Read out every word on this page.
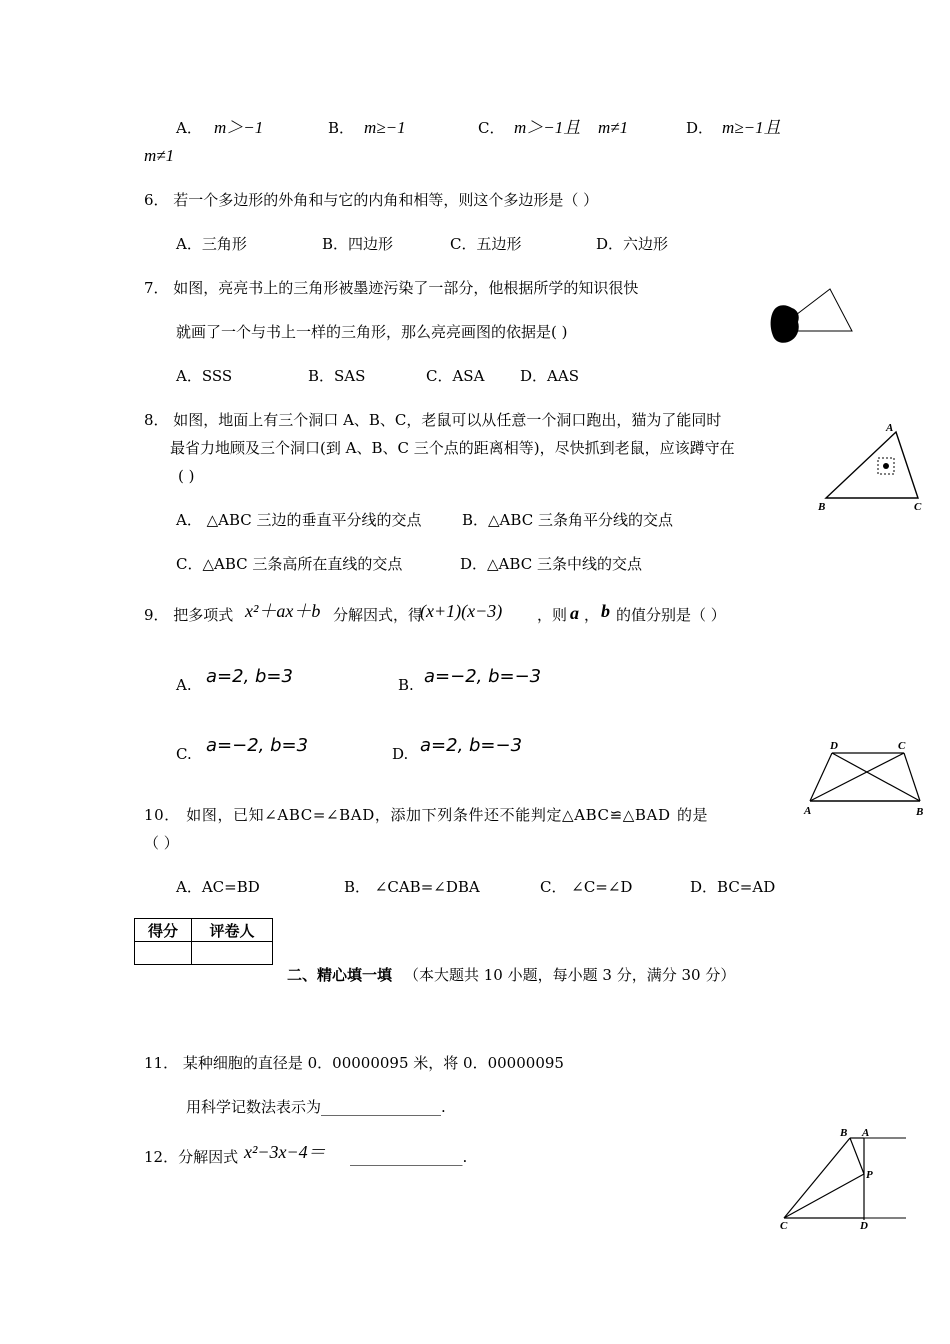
A． m＞−1	B． m≥−1	C． m＞−1且 m≠1	D． m≥−1且
m≠1
6． 若一个多边形的外角和与它的内角和相等，则这个多边形是（ ）
A．三角形	B．四边形	C．五边形	D．六边形
7． 如图，亮亮书上的三角形被墨迹污染了一部分，他根据所学的知识很快
就画了一个与书上一样的三角形，那么亮亮画图的依据是( )
A．SSS	B．SAS	C．ASA D．AAS
8． 如图，地面上有三个洞口 A、B、C，老鼠可以从任意一个洞口跑出，猫为了能同时
最省力地顾及三个洞口(到 A、B、C 三个点的距离相等)，尽快抓到老鼠，应该蹲守在
( )
A． △ABC 三边的垂直平分线的交点	B．△ABC 三条角平分线的交点
C．△ABC 三条高所在直线的交点	D．△ABC 三条中线的交点
A
B	C
9． 把多项式 x²＋ax＋b 分解因式，得
(x+1)(x−3) ，则 a ， b 的值分别是（ ）
A. a=2, b=3	B. a=−2, b=−3
C. a=−2, b=3	D. a=2, b=−3	D	C
A	B
10． 如图，已知∠ABC=∠BAD，添加下列条件还不能判定△ABC≌△BAD 的是
（ ）
A．AC=BD	B． ∠CAB=∠DBA	C． ∠C=∠D	D．BC=AD
得分	评卷人

二、精心填一填 （本大题共 10 小题，每小题 3 分，满分 30 分）
11． 某种细胞的直径是 0．00000095 米，将 0．00000095
用科学记数法表示为________________.
12．分解因式 x²−3x−4＝ _______________.
B A
P
C	D
